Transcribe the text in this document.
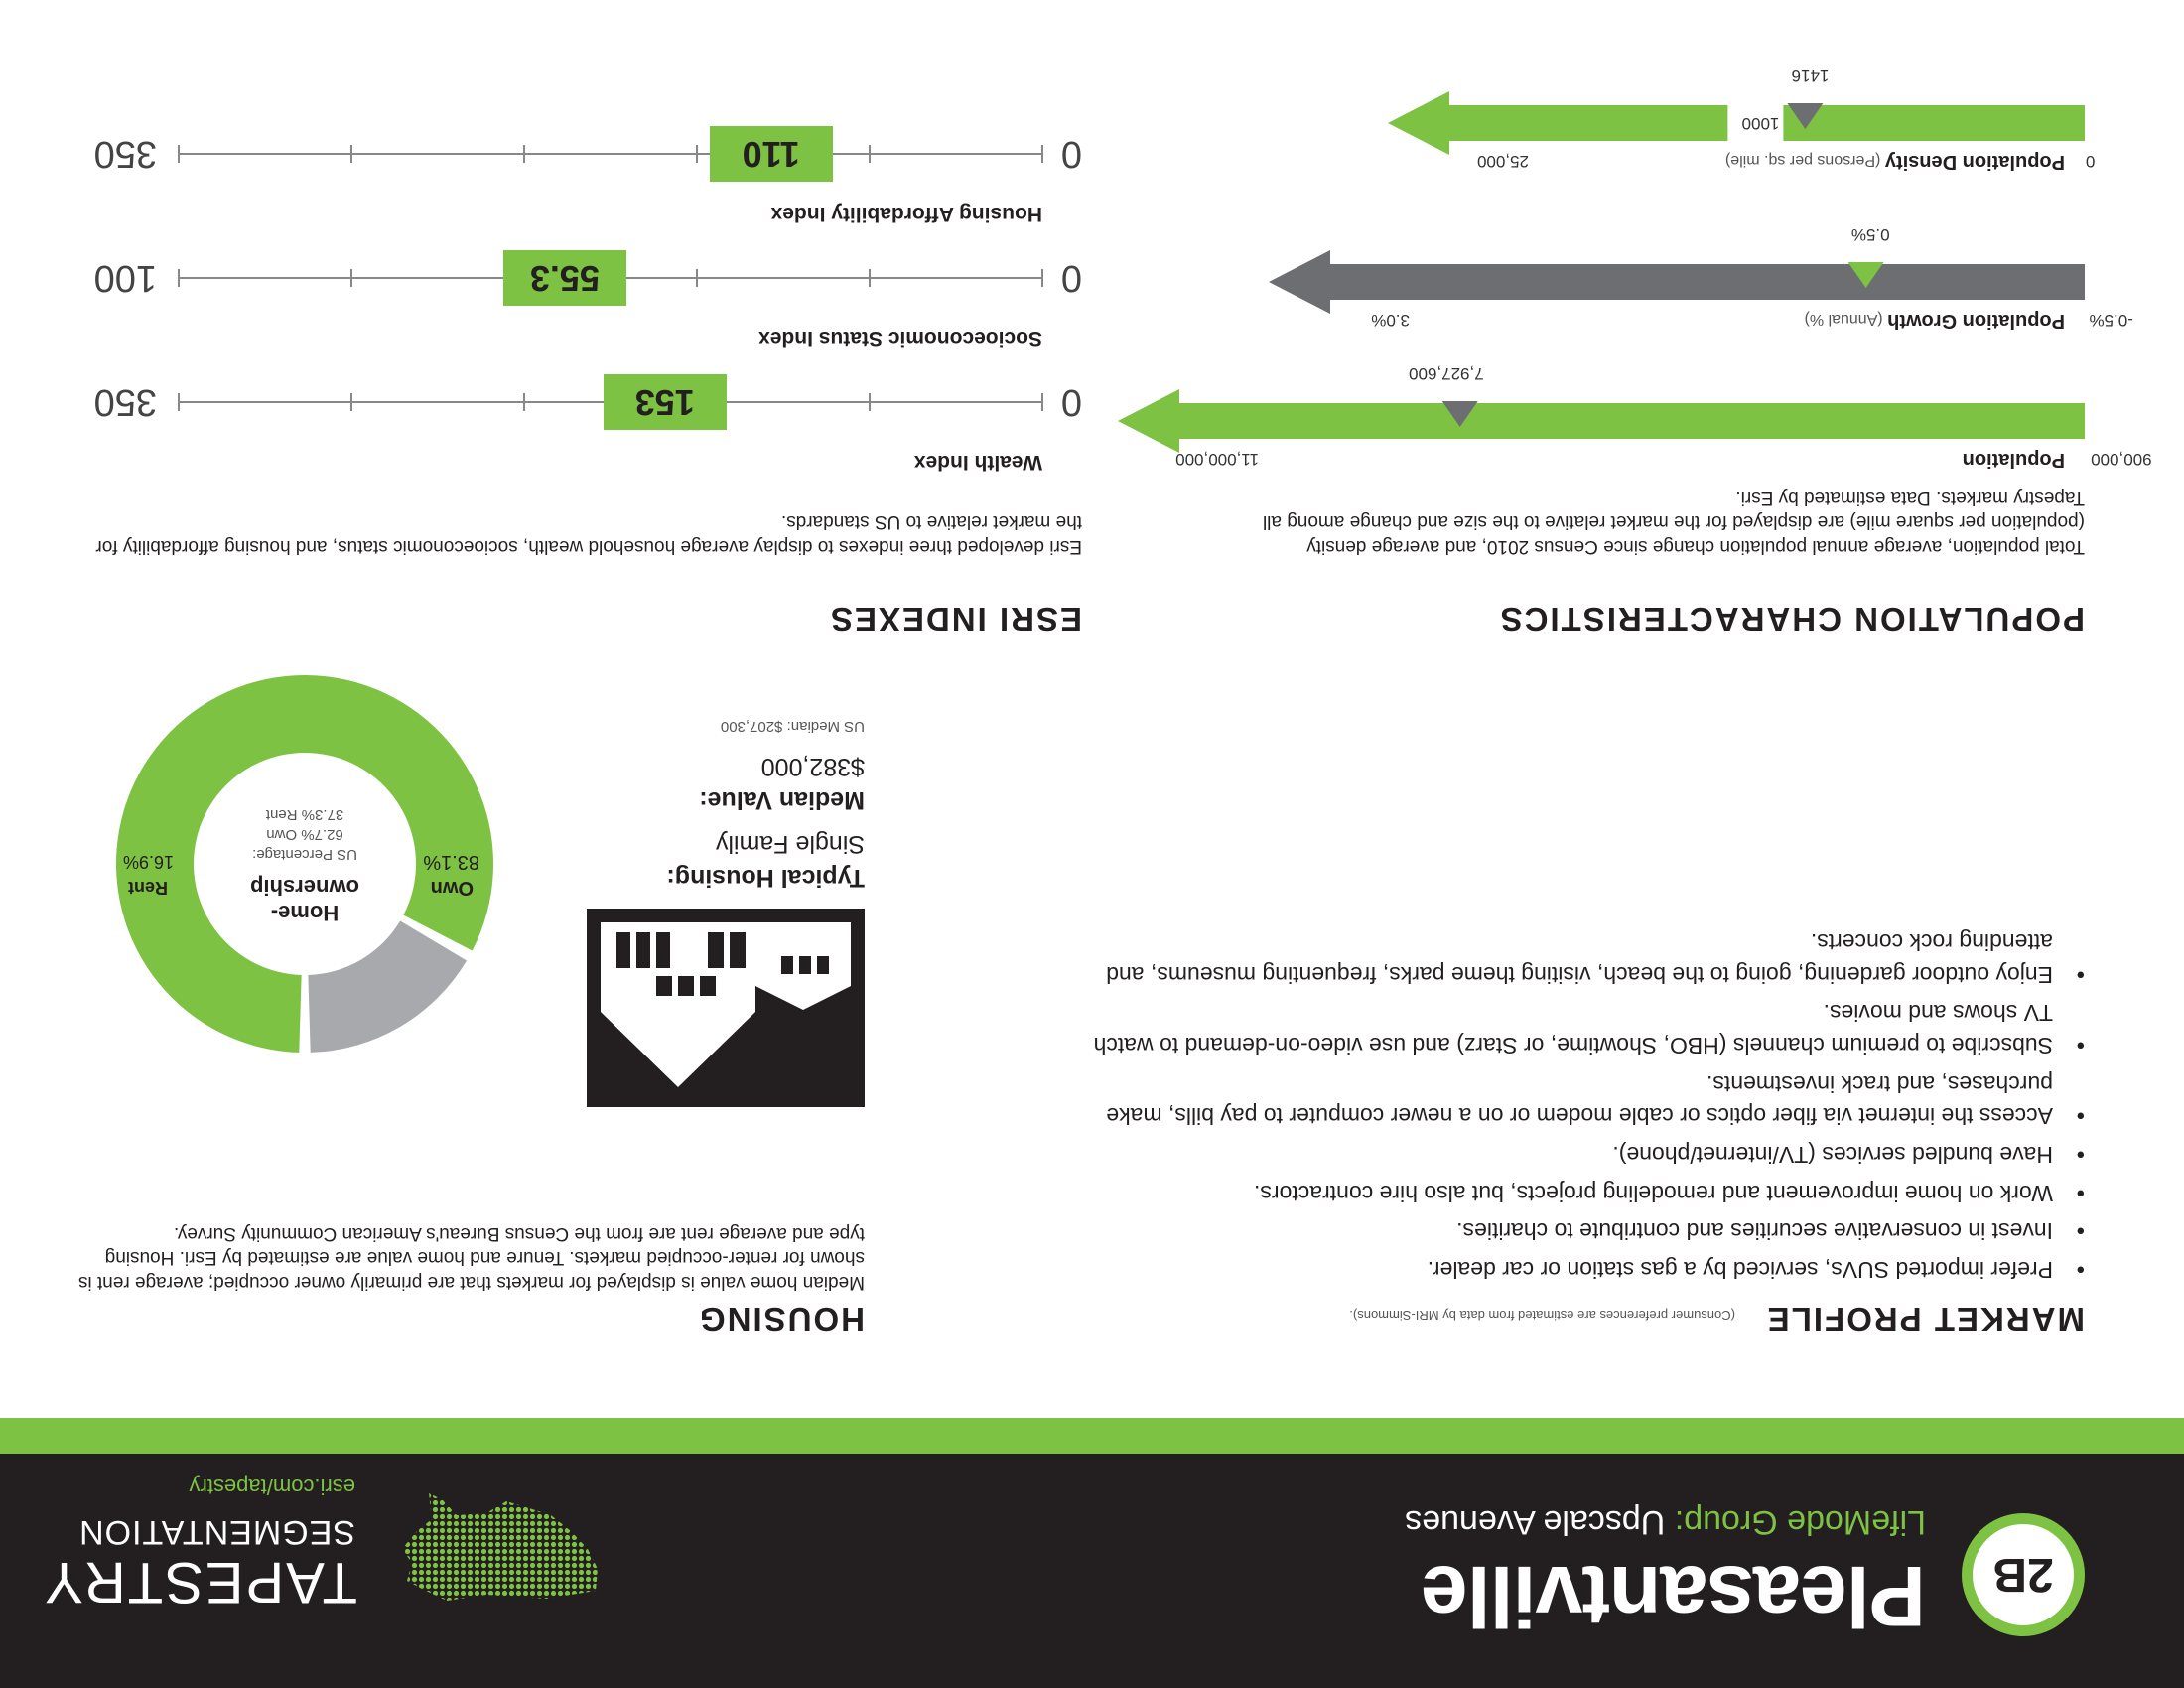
2B
Pleasantville
LifeMode Group: Upscale Avenues
TAPESTRY
SEGMENTATION
esri.com/tapestry
MARKET PROFILE
(Consumer preferences are estimated from data by MRI-Simmons).
• Prefer imported SUVs, serviced by a gas station or car dealer.
• Invest in conservative securities and contribute to charities.
• Work on home improvement and remodeling projects, but also hire contractors.
• Have bundled services (TV/internet/phone).
• Access the internet via fiber optics or cable modem or on a newer computer to pay bills, make purchases, and track investments.
• Subscribe to premium channels (HBO, Showtime, or Starz) and use video-on-demand to watch TV shows and movies.
• Enjoy outdoor gardening, going to the beach, visiting theme parks, frequenting museums, and attending rock concerts.
HOUSING
Median home value is displayed for markets that are primarily owner occupied; average rent is shown for renter-occupied markets. Tenure and home value are estimated by Esri. Housing type and average rent are from the Census Bureau's American Community Survey.
Typical Housing:
Single Family
Median Value:
$382,000
US Median: $207,300
Home-
ownership
US Percentage:
62.7% Own
37.3% Rent
Own
83.1%
Rent
16.9%
POPULATION CHARACTERISTICS
Total population, average annual population change since Census 2010, and average density (population per square mile) are displayed for the market relative to the size and change among all Tapestry markets. Data estimated by Esri.
ESRI INDEXES
Esri developed three indexes to display average household wealth, socioeconomic status, and housing affordability for the market relative to US standards.
1000
Population Density (Persons per sq. mile)	0
25,000
1416
Population Growth (Annual %)	-0.5%
3.0%
0.5%
Population 900,000
11,000,000
7,927,600
110	0
350
Housing Affordability Index
55.3	0
100
Socioeconomic Status Index
153	0
350
Wealth Index
